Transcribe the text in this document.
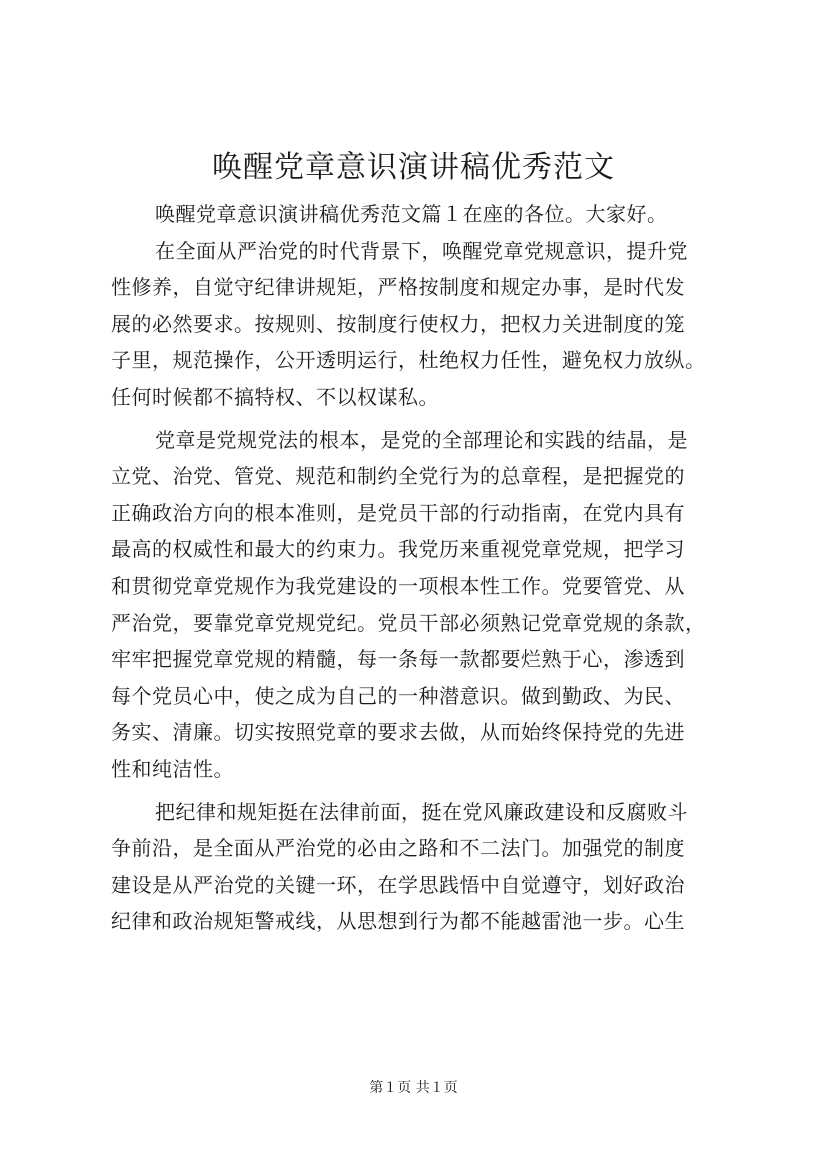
唤醒党章意识演讲稿优秀范文
唤醒党章意识演讲稿优秀范文篇１在座的各位。大家好。
在全面从严治党的时代背景下，唤醒党章党规意识，提升党
性修养，自觉守纪律讲规矩，严格按制度和规定办事，是时代发
展的必然要求。按规则、按制度行使权力，把权力关进制度的笼
子里，规范操作，公开透明运行，杜绝权力任性，避免权力放纵。
任何时候都不搞特权、不以权谋私。
党章是党规党法的根本，是党的全部理论和实践的结晶，是
立党、治党、管党、规范和制约全党行为的总章程，是把握党的
正确政治方向的根本准则，是党员干部的行动指南，在党内具有
最高的权威性和最大的约束力。我党历来重视党章党规，把学习
和贯彻党章党规作为我党建设的一项根本性工作。党要管党、从
严治党，要靠党章党规党纪。党员干部必须熟记党章党规的条款，
牢牢把握党章党规的精髓，每一条每一款都要烂熟于心，渗透到
每个党员心中，使之成为自己的一种潜意识。做到勤政、为民、
务实、清廉。切实按照党章的要求去做，从而始终保持党的先进
性和纯洁性。
把纪律和规矩挺在法律前面，挺在党风廉政建设和反腐败斗
争前沿，是全面从严治党的必由之路和不二法门。加强党的制度
建设是从严治党的关键一环，在学思践悟中自觉遵守，划好政治
纪律和政治规矩警戒线，从思想到行为都不能越雷池一步。心生
第１页 共１页
